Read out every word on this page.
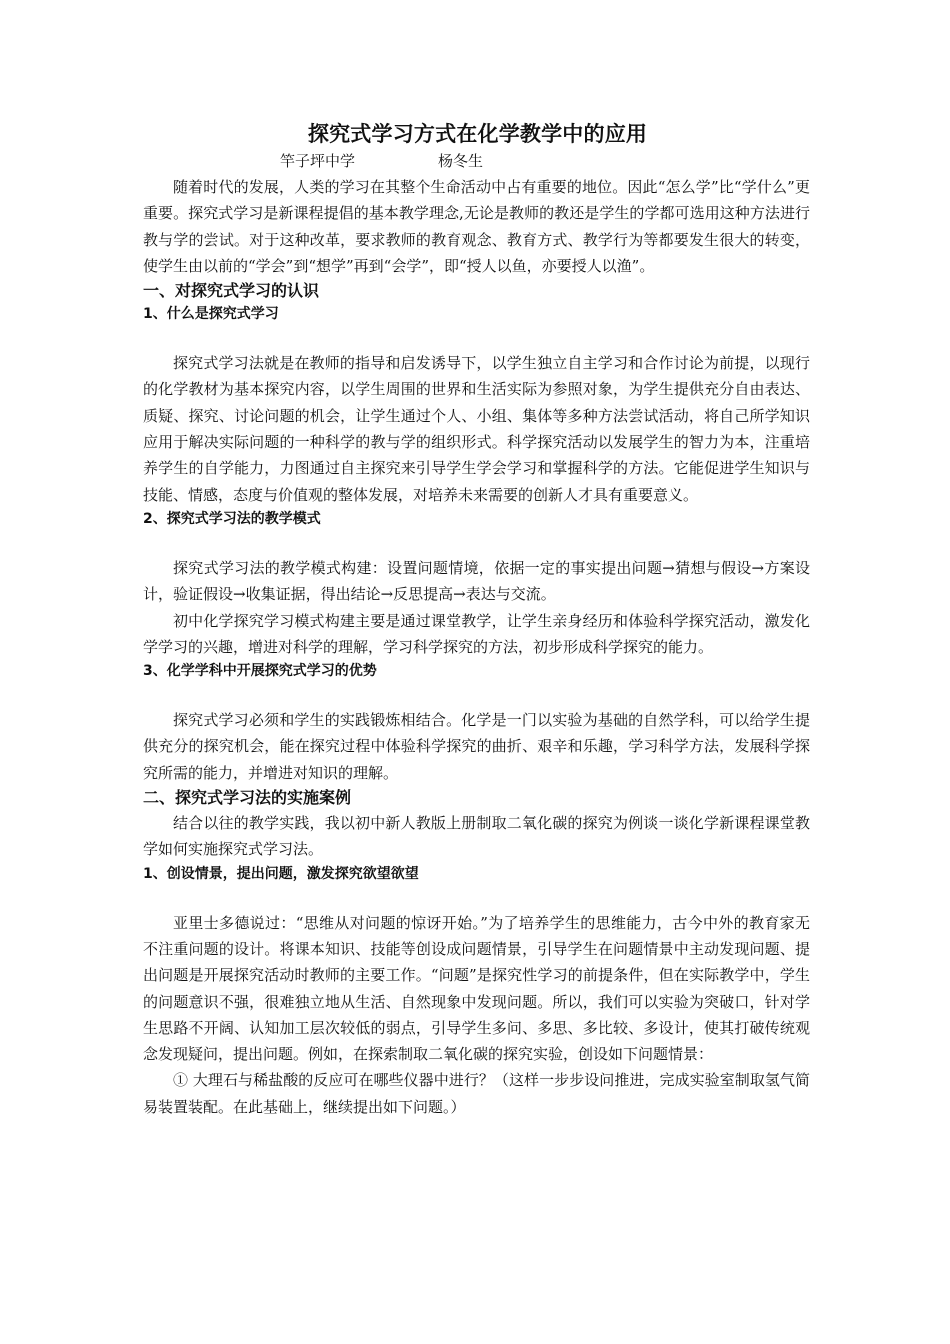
探究式学习方式在化学教学中的应用
竿子坪中学	杨冬生

随着时代的发展，人类的学习在其整个生命活动中占有重要的地位。因此“怎么学”比“学什么”更重要。探究式学习是新课程提倡的基本教学理念,无论是教师的教还是学生的学都可选用这种方法进行教与学的尝试。对于这种改革，要求教师的教育观念、教育方式、教学行为等都要发生很大的转变，使学生由以前的“学会”到“想学”再到“会学”，即“授人以鱼，亦要授人以渔”。

一、对探究式学习的认识
1、什么是探究式学习

探究式学习法就是在教师的指导和启发诱导下，以学生独立自主学习和合作讨论为前提，以现行的化学教材为基本探究内容，以学生周围的世界和生活实际为参照对象，为学生提供充分自由表达、质疑、探究、讨论问题的机会，让学生通过个人、小组、集体等多种方法尝试活动，将自己所学知识应用于解决实际问题的一种科学的教与学的组织形式。科学探究活动以发展学生的智力为本，注重培养学生的自学能力，力图通过自主探究来引导学生学会学习和掌握科学的方法。它能促进学生知识与技能、情感，态度与价值观的整体发展，对培养未来需要的创新人才具有重要意义。

2、探究式学习法的教学模式

探究式学习法的教学模式构建：设置问题情境，依据一定的事实提出问题→猜想与假设→方案设计，验证假设→收集证据，得出结论→反思提高→表达与交流。

初中化学探究学习模式构建主要是通过课堂教学，让学生亲身经历和体验科学探究活动，激发化学学习的兴趣，增进对科学的理解，学习科学探究的方法，初步形成科学探究的能力。

3、化学学科中开展探究式学习的优势

探究式学习必须和学生的实践锻炼相结合。化学是一门以实验为基础的自然学科，可以给学生提供充分的探究机会，能在探究过程中体验科学探究的曲折、艰辛和乐趣，学习科学方法，发展科学探究所需的能力，并增进对知识的理解。

二、探究式学习法的实施案例

结合以往的教学实践，我以初中新人教版上册制取二氧化碳的探究为例谈一谈化学新课程课堂教学如何实施探究式学习法。

1、创设情景，提出问题，激发探究欲望欲望

亚里士多德说过：“思维从对问题的惊讶开始。”为了培养学生的思维能力，古今中外的教育家无不注重问题的设计。将课本知识、技能等创设成问题情景，引导学生在问题情景中主动发现问题、提出问题是开展探究活动时教师的主要工作。“问题”是探究性学习的前提条件，但在实际教学中，学生的问题意识不强，很难独立地从生活、自然现象中发现问题。所以，我们可以实验为突破口，针对学生思路不开阔、认知加工层次较低的弱点，引导学生多问、多思、多比较、多设计，使其打破传统观念发现疑问，提出问题。例如，在探索制取二氧化碳的探究实验，创设如下问题情景：

① 大理石与稀盐酸的反应可在哪些仪器中进行？（这样一步步设问推进，完成实验室制取氢气简易装置装配。在此基础上，继续提出如下问题。）
